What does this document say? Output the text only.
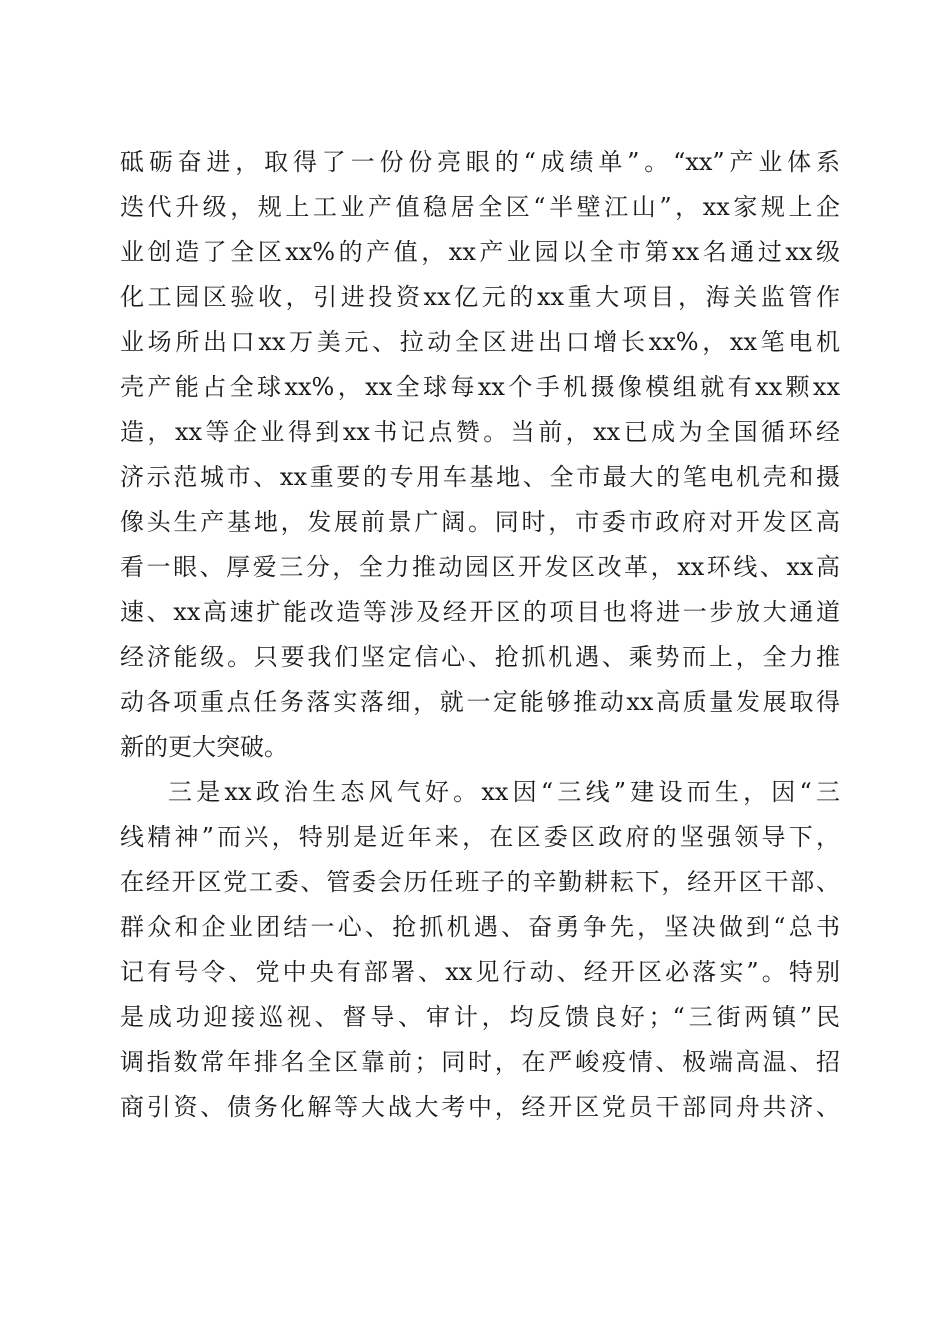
砥砺奋进，取得了一份份亮眼的“成绩单”。“xx”产业体系
迭代升级，规上工业产值稳居全区“半壁江山”，xx家规上企
业创造了全区xx%的产值，xx产业园以全市第xx名通过xx级
化工园区验收，引进投资xx亿元的xx重大项目，海关监管作
业场所出口xx万美元、拉动全区进出口增长xx%，xx笔电机
壳产能占全球xx%，xx全球每xx个手机摄像模组就有xx颗xx
造，xx等企业得到xx书记点赞。当前，xx已成为全国循环经
济示范城市、xx重要的专用车基地、全市最大的笔电机壳和摄
像头生产基地，发展前景广阔。同时，市委市政府对开发区高
看一眼、厚爱三分，全力推动园区开发区改革，xx环线、xx高
速、xx高速扩能改造等涉及经开区的项目也将进一步放大通道
经济能级。只要我们坚定信心、抢抓机遇、乘势而上，全力推
动各项重点任务落实落细，就一定能够推动xx高质量发展取得
新的更大突破。
三是xx政治生态风气好。xx因“三线”建设而生，因“三
线精神”而兴，特别是近年来，在区委区政府的坚强领导下，
在经开区党工委、管委会历任班子的辛勤耕耘下，经开区干部、
群众和企业团结一心、抢抓机遇、奋勇争先，坚决做到“总书
记有号令、党中央有部署、xx见行动、经开区必落实”。特别
是成功迎接巡视、督导、审计，均反馈良好；“三街两镇”民
调指数常年排名全区靠前；同时，在严峻疫情、极端高温、招
商引资、债务化解等大战大考中，经开区党员干部同舟共济、
